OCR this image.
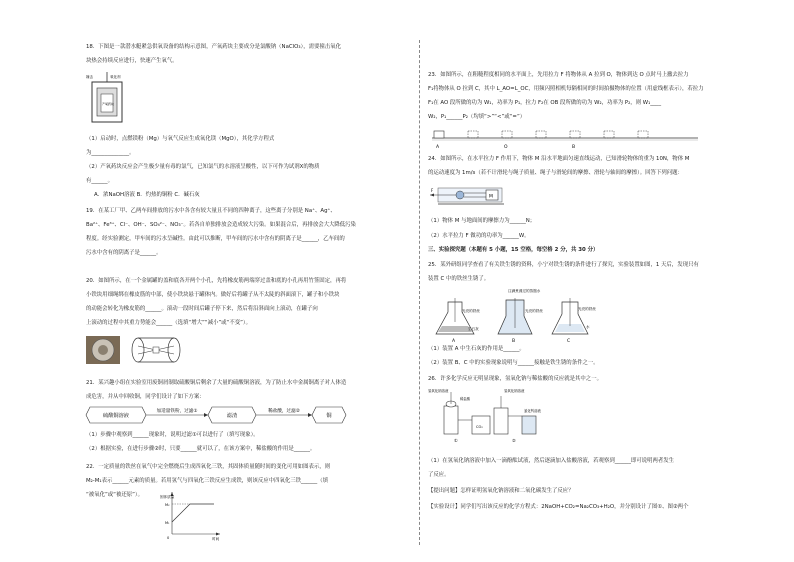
18．下图是一款潜水艇紧急供氧设备的结构示意图，产氧药块主要成分是氯酸钠（NaClO₃），需要撞击氧化
块热会持续反应进行，快速产生氧气。
撞击	氧化剂
产氧药块
（1）启动时，点燃镁粉（Mg）与氧气反应生成氧化镁（MgO），其化学方程式
为______________。
（2）产氧药块反应会产生极少量有毒的氯气，已知氯气的水溶液呈酸性，以下可作为试剂X的物质
有______。
A．浓NaOH溶液 B．灼热的铜粉 C．碱石灰
19．在某工厂甲、乙两车间排放的污水中各含有较大量且不同的四种离子，这些离子分别是 Na⁺、Ag⁺、
Ba²⁺、Fe³⁺、Cl⁻、OH⁻、SO₄²⁻、NO₃⁻。若各自单独排放会造成较大污染。如果混合后，再排放会大大降低污染
程度。经实验测定，甲车间的污水呈碱性。由此可以推断，甲车间的污水中含有的阴离子是______，乙车间的
污水中含有的阴离子是______。
20．如图所示，在一个金属罐的盖和底各开两个小孔，先将橡皮筋两端穿过盖和底的小孔再用竹签固定，再将
小铁块用细绳绑在橡皮筋的中部，使小铁块悬于罐体内。做好后将罐子从不太陡的斜面滚下，罐子和小铁块
的动能会转化为橡皮筋的______。滚动一段时间后罐子停下来，然后将沿斜面向上滚动，在罐子向
上滚动的过程中其重力势能会______（选填“增大”“减小”或“不变”）。
21．某兴趣小组在实验室用废铜屑制取硫酸铜后剩余了大量的硫酸铜溶液，为了防止水中金属铜离子对人体造
成危害，并从中回收铜，同学们设计了如下方案：
硫酸铜溶液
加适量铁粉，过滤①
滤渣
稀盐酸，过滤②
铜
（1）步骤中观察到______现象时，说明过滤①可以进行了（填写现象）。
（2）根据实验，在进行步骤②时，只要______就可以了，在该方案中，稀盐酸的作用是______。
22．一定质量的铁丝在氧气中完全燃烧后生成四氧化三铁，其固体质量随时间的变化可用如图表示，则
M₂-M₁表示______元素的质量。若用氢气与四氧化三铁反应生成铁，则该反应中四氧化三铁______（填
“被氧化”或“被还原”）。	固体质量
M₂
M₁
0	时间
23．如图所示，在粗糙程度相同的水平面上，先用拉力 F 将物体从 A 拉到 O，物体到达 O 点时马上撤去拉力
F₁将物体从 O 拉到 C，其中 L_AO=L_OC，用频闪照相机每隔相同的时间拍摄物体的位置（用虚线框表示），若拉力
F₁在 AO 段所做的功为 W₁，功率为 P₁，拉力 F₂在 OB 段所做的功为 W₂，功率为 P₂，则 W₁____
W₂，P₁______P₂（均填“>”“<”或“=”）
A	O	B
24．如图所示，在水平拉力 F 作用下，物体 M 沿水平地面匀速直线运动，已知滑轮物体的重为 10N，物体 M
的运动速度为 1m/s（若不计滑轮与绳子质量、绳子与滑轮间的摩擦、滑轮与轴间的摩擦）。回答下列问题：
F
M
（1）物体 M 与地面间的摩擦力为______N；
（2）水平拉力 F 做功的功率为______W。
三、实验探究题（本题有 5 小题，15 空格，每空格 2 分，共 30 分）
25．某外研组同学查看了有关铁生锈的资料，小宁对铁生锈的条件进行了探究，实验装置如图，1 天后，发现只有
装置 C 中的铁丝生锈了。
注满煮沸过的蒸馏水
光亮的铁丝	光亮的铁丝	光亮的铁丝
生石灰	水
A	B	C
（1）装置 A 中生石灰的作用是______。
（2）装置 B、C 中的实验现象说明与______接触是铁生锈的条件之一。
26．许多化学反应无明显现象，氢氧化钠与稀盐酸的反应就是其中之一。
氢氧化钠溶液
稀盐酸
氢氧化钠溶液
CO₂
氯化钙溶液
①	②
（1）在氢氧化钠溶液中加入一滴酚酞试液，然后逐滴加入盐酸溶液，若观察到______即可说明两者发生
了反应。
【提出问题】怎样证明氢氧化钠溶液和二氧化碳发生了反应？
【实验设计】同学们写出该反应的化学方程式：2NaOH+CO₂=Na₂CO₃+H₂O，并分别设计了图①、图②两个
